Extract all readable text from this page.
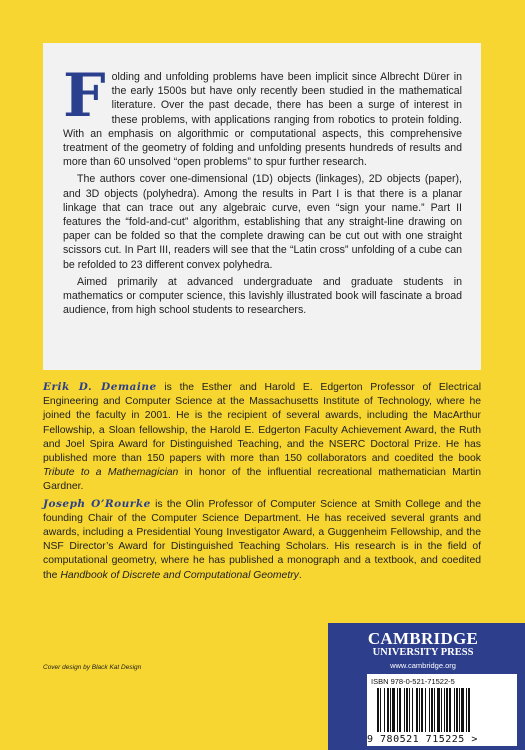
Folding and unfolding problems have been implicit since Albrecht Dürer in the early 1500s but have only recently been studied in the mathematical literature. Over the past decade, there has been a surge of interest in these problems, with applications ranging from robotics to protein folding. With an emphasis on algorithmic or computational aspects, this comprehensive treatment of the geometry of folding and unfolding presents hundreds of results and more than 60 unsolved “open problems” to spur further research.

The authors cover one-dimensional (1D) objects (linkages), 2D objects (paper), and 3D objects (polyhedra). Among the results in Part I is that there is a planar linkage that can trace out any algebraic curve, even “sign your name.” Part II features the “fold-and-cut” algorithm, establishing that any straight-line drawing on paper can be folded so that the complete drawing can be cut out with one straight scissors cut. In Part III, readers will see that the “Latin cross” unfolding of a cube can be refolded to 23 different convex polyhedra.

Aimed primarily at advanced undergraduate and graduate students in mathematics or computer science, this lavishly illustrated book will fascinate a broad audience, from high school students to researchers.

Erik D. Demaine is the Esther and Harold E. Edgerton Professor of Electrical Engineering and Computer Science at the Massachusetts Institute of Technology, where he joined the faculty in 2001. He is the recipient of several awards, including the MacArthur Fellowship, a Sloan fellowship, the Harold E. Edgerton Faculty Achievement Award, the Ruth and Joel Spira Award for Distinguished Teaching, and the NSERC Doctoral Prize. He has published more than 150 papers with more than 150 collaborators and coedited the book Tribute to a Mathemagician in honor of the influential recreational mathematician Martin Gardner.

Joseph O’Rourke is the Olin Professor of Computer Science at Smith College and the founding Chair of the Computer Science Department. He has received several grants and awards, including a Presidential Young Investigator Award, a Guggenheim Fellowship, and the NSF Director’s Award for Distinguished Teaching Scholars. His research is in the field of computational geometry, where he has published a monograph and a textbook, and coedited the Handbook of Discrete and Computational Geometry.

Cover design by Black Kat Design
CAMBRIDGE
UNIVERSITY PRESS
www.cambridge.org
ISBN 978-0-521-71522-5
9 780521 715225 >
